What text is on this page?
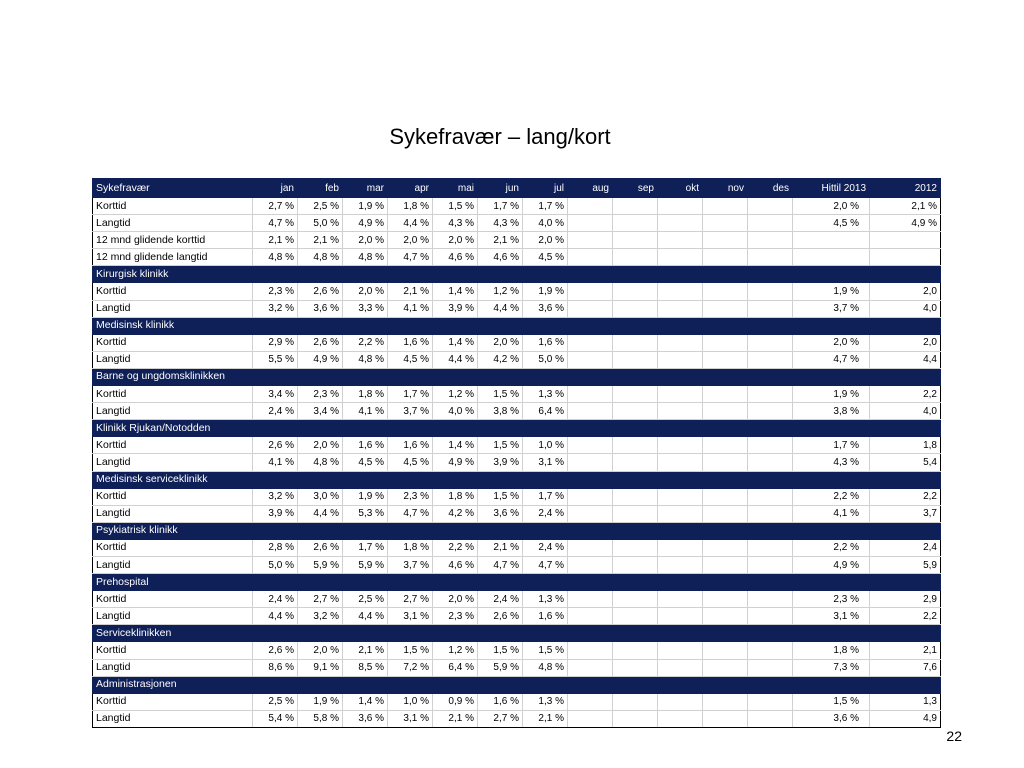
Sykefravær – lang/kort
Sykefravær	jan	feb	mar	apr	mai	jun	jul	aug	sep	okt	nov	des	Hittil 2013	2012
Korttid	2,7 %	2,5 %	1,9 %	1,8 %	1,5 %	1,7 %	1,7 %						2,0 %	2,1 %
Langtid	4,7 %	5,0 %	4,9 %	4,4 %	4,3 %	4,3 %	4,0 %						4,5 %	4,9 %
12 mnd glidende korttid	2,1 %	2,1 %	2,0 %	2,0 %	2,0 %	2,1 %	2,0 %							
12 mnd glidende langtid	4,8 %	4,8 %	4,8 %	4,7 %	4,6 %	4,6 %	4,5 %							
Kirurgisk klinikk														
Korttid	2,3 %	2,6 %	2,0 %	2,1 %	1,4 %	1,2 %	1,9 %						1,9 %	2,0
Langtid	3,2 %	3,6 %	3,3 %	4,1 %	3,9 %	4,4 %	3,6 %						3,7 %	4,0
Medisinsk klinikk														
Korttid	2,9 %	2,6 %	2,2 %	1,6 %	1,4 %	2,0 %	1,6 %						2,0 %	2,0
Langtid	5,5 %	4,9 %	4,8 %	4,5 %	4,4 %	4,2 %	5,0 %						4,7 %	4,4
Barne og ungdomsklinikken														
Korttid	3,4 %	2,3 %	1,8 %	1,7 %	1,2 %	1,5 %	1,3 %						1,9 %	2,2
Langtid	2,4 %	3,4 %	4,1 %	3,7 %	4,0 %	3,8 %	6,4 %						3,8 %	4,0
Klinikk Rjukan/Notodden														
Korttid	2,6 %	2,0 %	1,6 %	1,6 %	1,4 %	1,5 %	1,0 %						1,7 %	1,8
Langtid	4,1 %	4,8 %	4,5 %	4,5 %	4,9 %	3,9 %	3,1 %						4,3 %	5,4
Medisinsk serviceklinikk														
Korttid	3,2 %	3,0 %	1,9 %	2,3 %	1,8 %	1,5 %	1,7 %						2,2 %	2,2
Langtid	3,9 %	4,4 %	5,3 %	4,7 %	4,2 %	3,6 %	2,4 %						4,1 %	3,7
Psykiatrisk klinikk														
Korttid	2,8 %	2,6 %	1,7 %	1,8 %	2,2 %	2,1 %	2,4 %						2,2 %	2,4
Langtid	5,0 %	5,9 %	5,9 %	3,7 %	4,6 %	4,7 %	4,7 %						4,9 %	5,9
Prehospital														
Korttid	2,4 %	2,7 %	2,5 %	2,7 %	2,0 %	2,4 %	1,3 %						2,3 %	2,9
Langtid	4,4 %	3,2 %	4,4 %	3,1 %	2,3 %	2,6 %	1,6 %						3,1 %	2,2
Serviceklinikken														
Korttid	2,6 %	2,0 %	2,1 %	1,5 %	1,2 %	1,5 %	1,5 %						1,8 %	2,1
Langtid	8,6 %	9,1 %	8,5 %	7,2 %	6,4 %	5,9 %	4,8 %						7,3 %	7,6
Administrasjonen														
Korttid	2,5 %	1,9 %	1,4 %	1,0 %	0,9 %	1,6 %	1,3 %						1,5 %	1,3
Langtid	5,4 %	5,8 %	3,6 %	3,1 %	2,1 %	2,7 %	2,1 %						3,6 %	4,9
22
